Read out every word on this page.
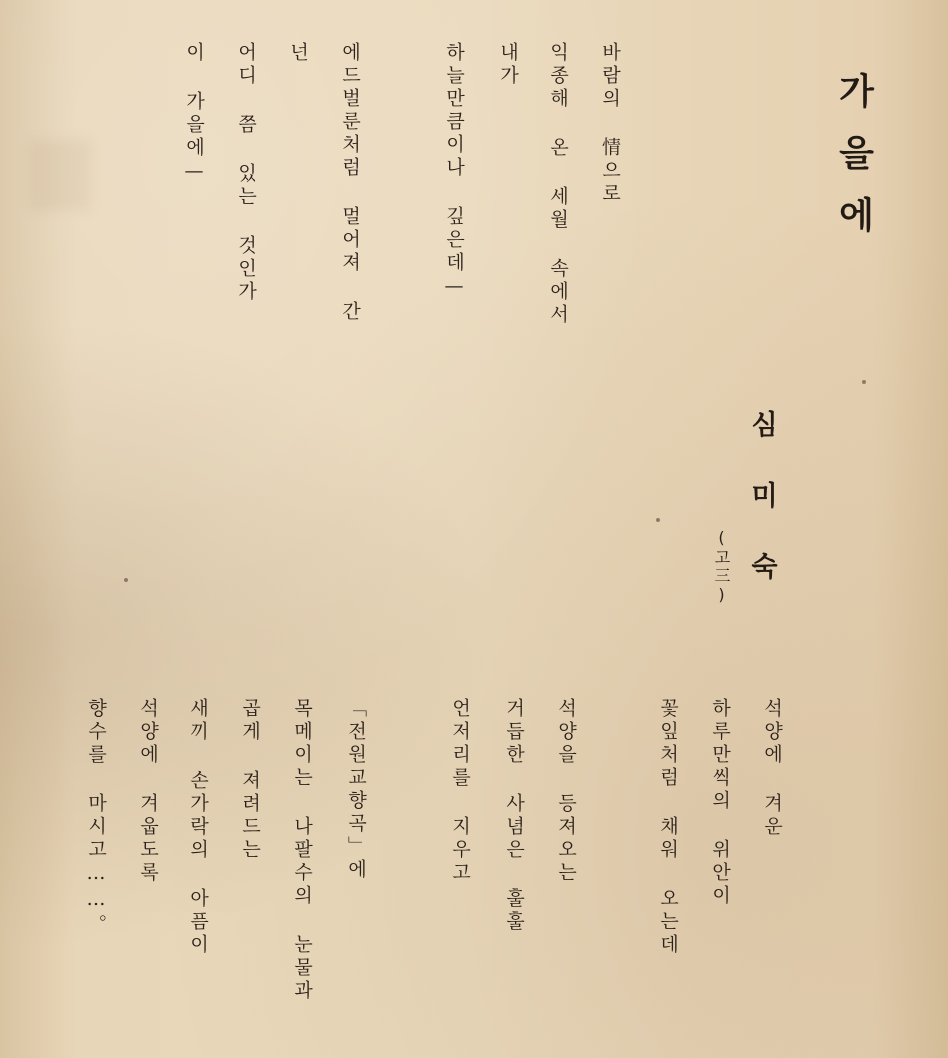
가을에
심미숙
(고三)
바람의 情으로
익종해 온 세월 속에서
내가
하늘만큼이나 깊은데—
에드벌룬처럼 멀어져 간
넌
어디 쯤 있는 것인가
이 가을에—
석양에 겨운
하루만씩의 위안이
꽃잎처럼 채워 오는데
석양을 등져오는
거듭한 사념은 훌훌
언저리를 지우고
「전원교향곡」에
목메이는 나팔수의 눈물과
곱게 져려드는
새끼 손가락의 아픔이
석양에 겨웁도록
향수를 마시고……。
